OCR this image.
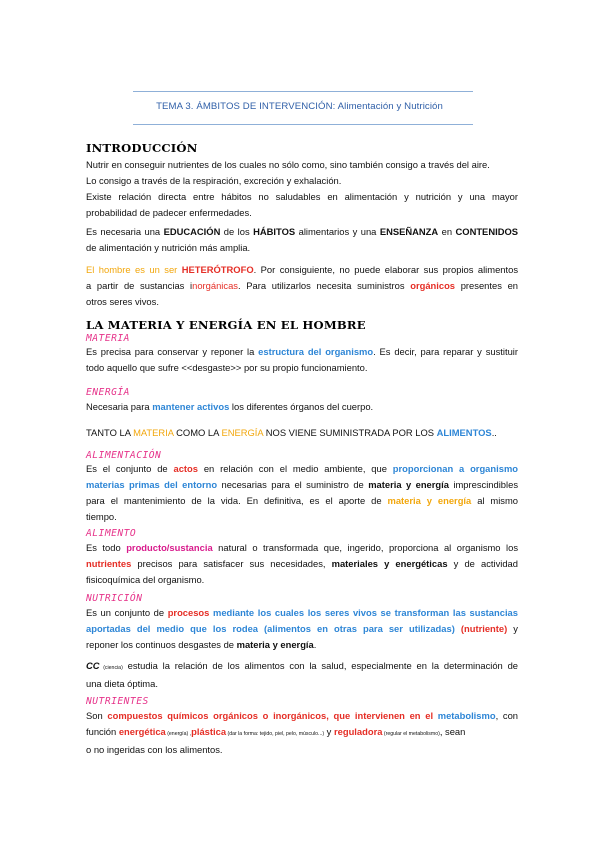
TEMA 3. ÁMBITOS DE INTERVENCIÓN: Alimentación y Nutrición
INTRODUCCIÓN
Nutrir en conseguir nutrientes de los cuales no sólo como, sino también consigo a través del aire.
Lo consigo a través de la respiración, excreción y exhalación.
Existe relación directa entre hábitos no saludables en alimentación y nutrición y una mayor
probabilidad de padecer enfermedades.
Es necesaria una EDUCACIÓN de los HÁBITOS alimentarios y una ENSEÑANZA en CONTENIDOS
de alimentación y nutrición más amplia.
El hombre es un ser HETERÓTROFO. Por consiguiente, no puede elaborar sus propios alimentos
a partir de sustancias inorgánicas. Para utilizarlos necesita suministros orgánicos presentes en
otros seres vivos.
LA MATERIA Y ENERGÍA EN EL HOMBRE
MATERIA
Es precisa para conservar y reponer la estructura del organismo. Es decir, para reparar y sustituir
todo aquello que sufre <<desgaste>> por su propio funcionamiento.
ENERGÍA
Necesaria para mantener activos los diferentes órganos del cuerpo.
TANTO LA MATERIA COMO LA ENERGÍA NOS VIENE SUMINISTRADA POR LOS ALIMENTOS..
ALIMENTACIÓN
Es el conjunto de actos en relación con el medio ambiente, que proporcionan a organismo
materias primas del entorno necesarias para el suministro de materia y energía imprescindibles
para el mantenimiento de la vida. En definitiva, es el aporte de materia y energía al mismo
tiempo.
ALIMENTO
Es todo producto/sustancia natural o transformada que, ingerido, proporciona al organismo los
nutrientes precisos para satisfacer sus necesidades, materiales y energéticas y de actividad
fisicoquímica del organismo.
NUTRICIÓN
Es un conjunto de procesos mediante los cuales los seres vivos se transforman las sustancias
aportadas del medio que los rodea (alimentos en otras para ser utilizadas) (nutriente) y
reponer los continuos desgastes de materia y energía.
CC (ciencia) estudia la relación de los alimentos con la salud, especialmente en la determinación de
una dieta óptima.
NUTRIENTES
Son compuestos químicos orgánicos o inorgánicos, que intervienen en el metabolismo, con
función energética (energía) ,plástica (dar la forma: tejido, piel, pelo, músculo...) y reguladora (regular el metabolismo), sean
o no ingeridas con los alimentos.
